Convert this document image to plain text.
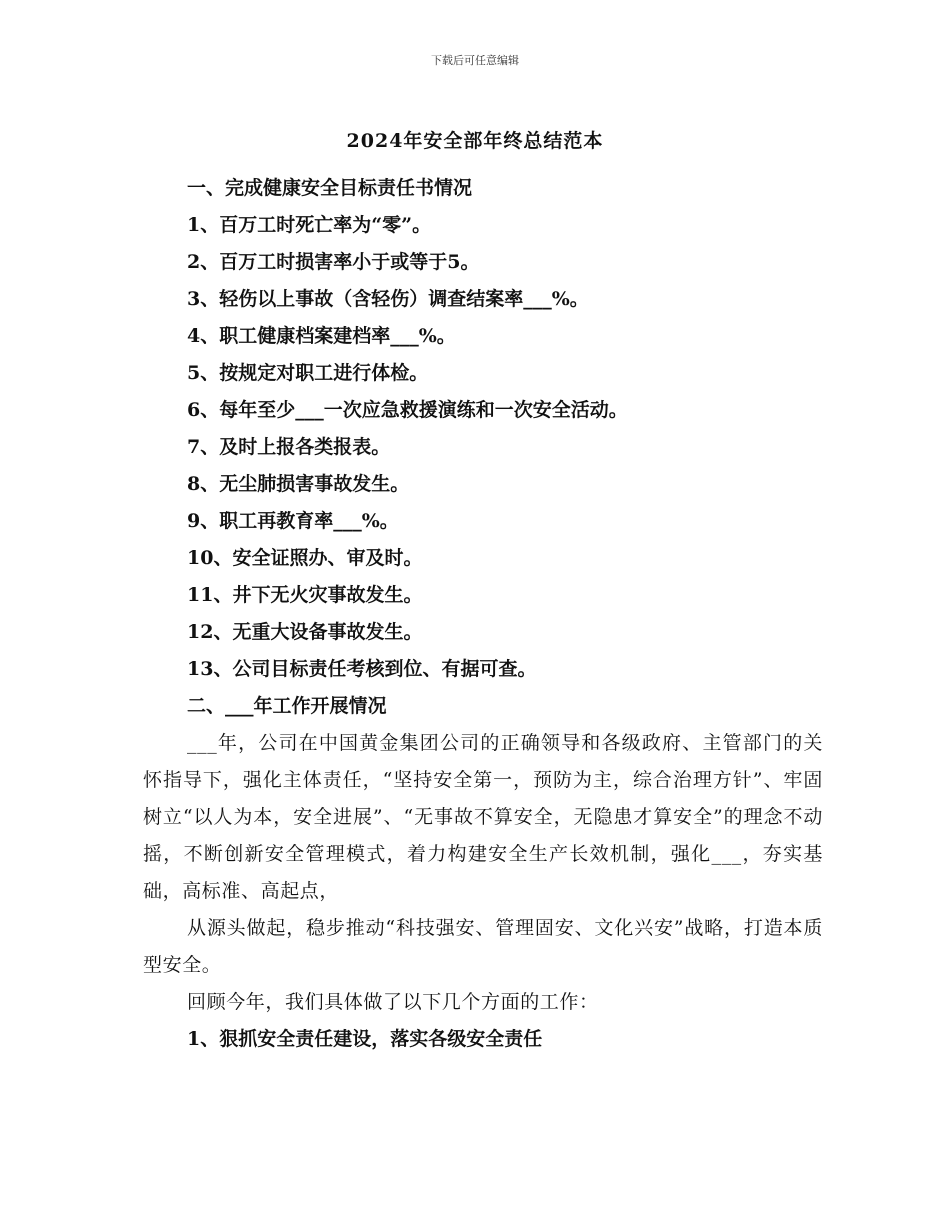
下载后可任意编辑
2024年安全部年终总结范本
一、完成健康安全目标责任书情况
1、百万工时死亡率为“零”。
2、百万工时损害率小于或等于5。
3、轻伤以上事故（含轻伤）调查结案率___%。
4、职工健康档案建档率___%。
5、按规定对职工进行体检。
6、每年至少___一次应急救援演练和一次安全活动。
7、及时上报各类报表。
8、无尘肺损害事故发生。
9、职工再教育率___%。
10、安全证照办、审及时。
11、井下无火灾事故发生。
12、无重大设备事故发生。
13、公司目标责任考核到位、有据可查。
二、___年工作开展情况
___年，公司在中国黄金集团公司的正确领导和各级政府、主管部门的关怀指导下，强化主体责任，“坚持安全第一，预防为主，综合治理方针”、牢固树立“以人为本，安全进展”、“无事故不算安全，无隐患才算安全”的理念不动摇，不断创新安全管理模式，着力构建安全生产长效机制，强化___，夯实基础，高标准、高起点，
从源头做起，稳步推动“科技强安、管理固安、文化兴安”战略，打造本质型安全。
回顾今年，我们具体做了以下几个方面的工作：
1、狠抓安全责任建设，落实各级安全责任
